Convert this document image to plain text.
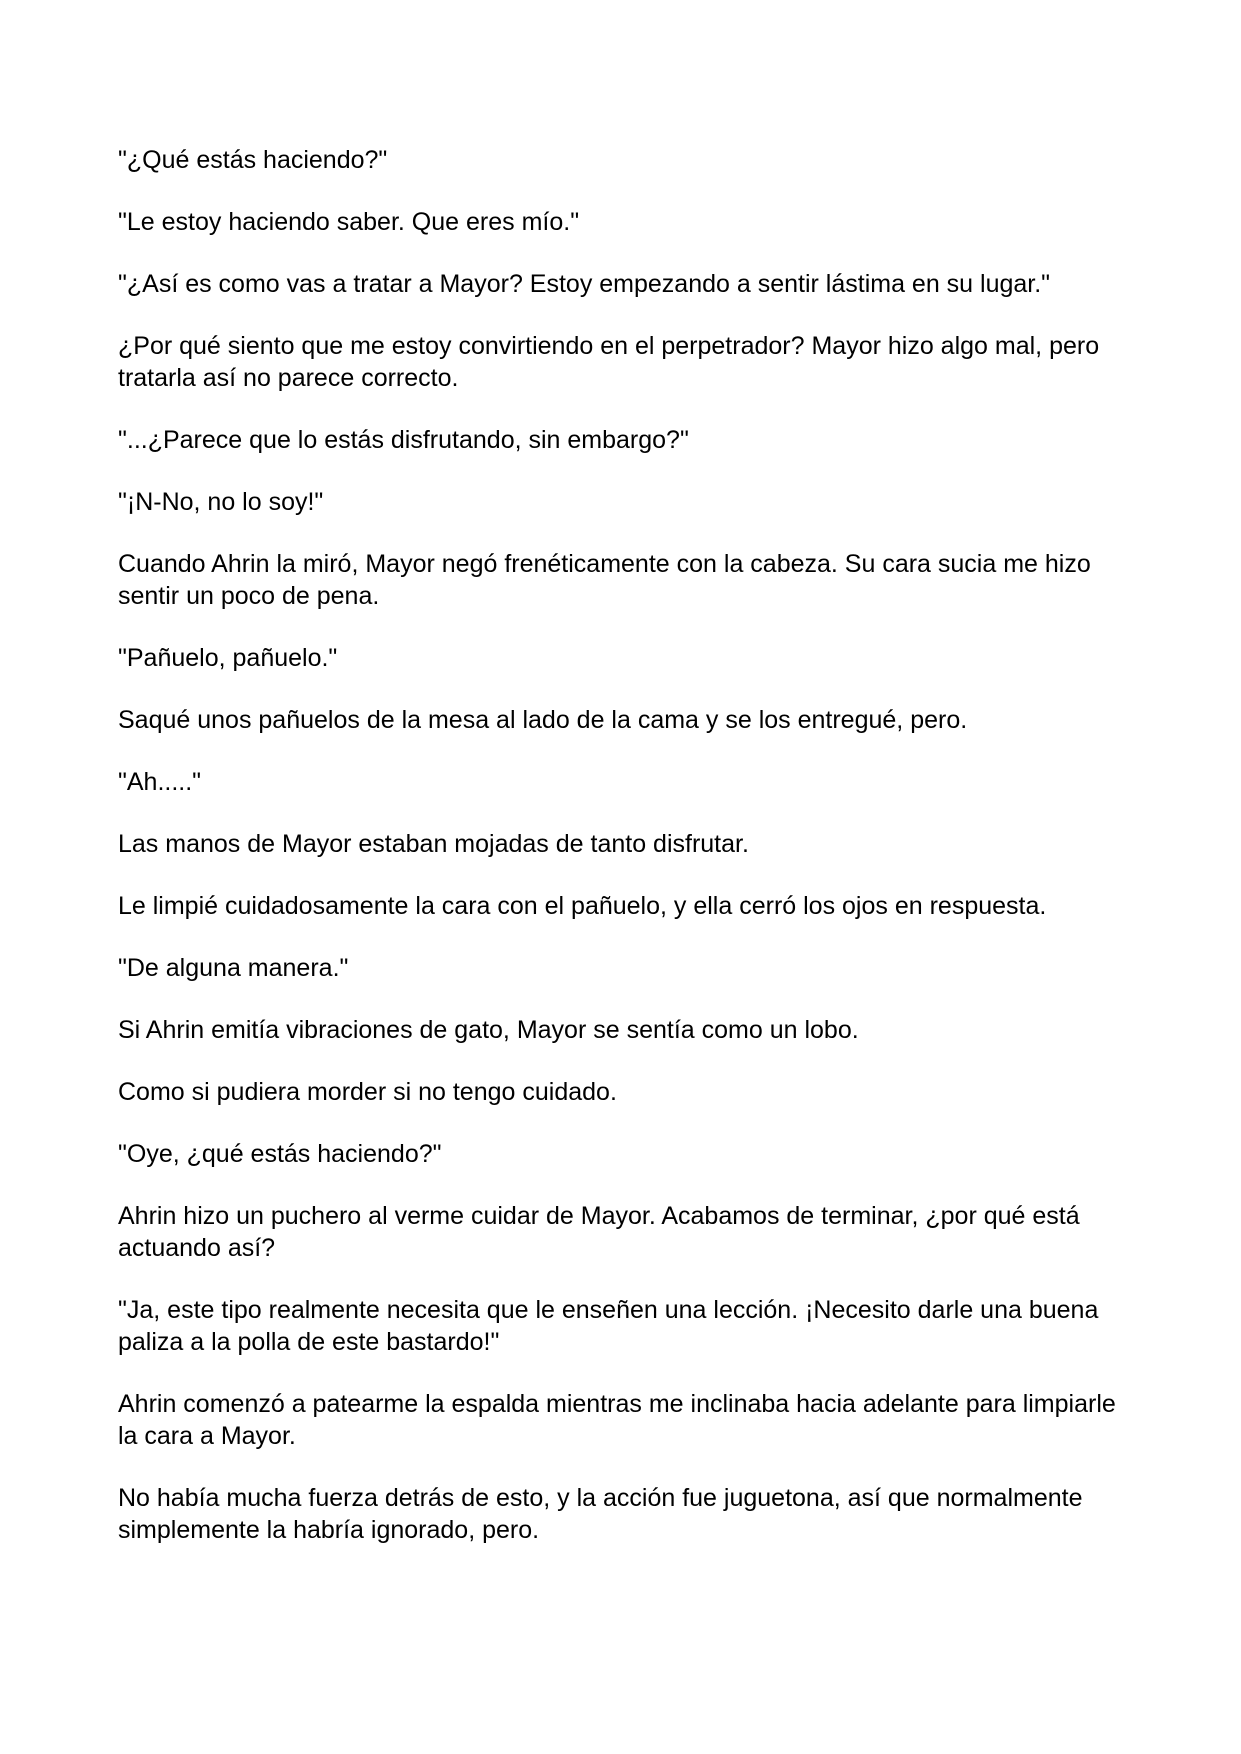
"¿Qué estás haciendo?"

"Le estoy haciendo saber. Que eres mío."

"¿Así es como vas a tratar a Mayor? Estoy empezando a sentir lástima en su lugar."

¿Por qué siento que me estoy convirtiendo en el perpetrador? Mayor hizo algo mal, pero tratarla así no parece correcto.

"...¿Parece que lo estás disfrutando, sin embargo?"

"¡N-No, no lo soy!"

Cuando Ahrin la miró, Mayor negó frenéticamente con la cabeza. Su cara sucia me hizo sentir un poco de pena.

"Pañuelo, pañuelo."

Saqué unos pañuelos de la mesa al lado de la cama y se los entregué, pero.

"Ah....."

Las manos de Mayor estaban mojadas de tanto disfrutar.

Le limpié cuidadosamente la cara con el pañuelo, y ella cerró los ojos en respuesta.

"De alguna manera."

Si Ahrin emitía vibraciones de gato, Mayor se sentía como un lobo.

Como si pudiera morder si no tengo cuidado.

"Oye, ¿qué estás haciendo?"

Ahrin hizo un puchero al verme cuidar de Mayor. Acabamos de terminar, ¿por qué está actuando así?

"Ja, este tipo realmente necesita que le enseñen una lección. ¡Necesito darle una buena paliza a la polla de este bastardo!"

Ahrin comenzó a patearme la espalda mientras me inclinaba hacia adelante para limpiarle la cara a Mayor.

No había mucha fuerza detrás de esto, y la acción fue juguetona, así que normalmente simplemente la habría ignorado, pero.
